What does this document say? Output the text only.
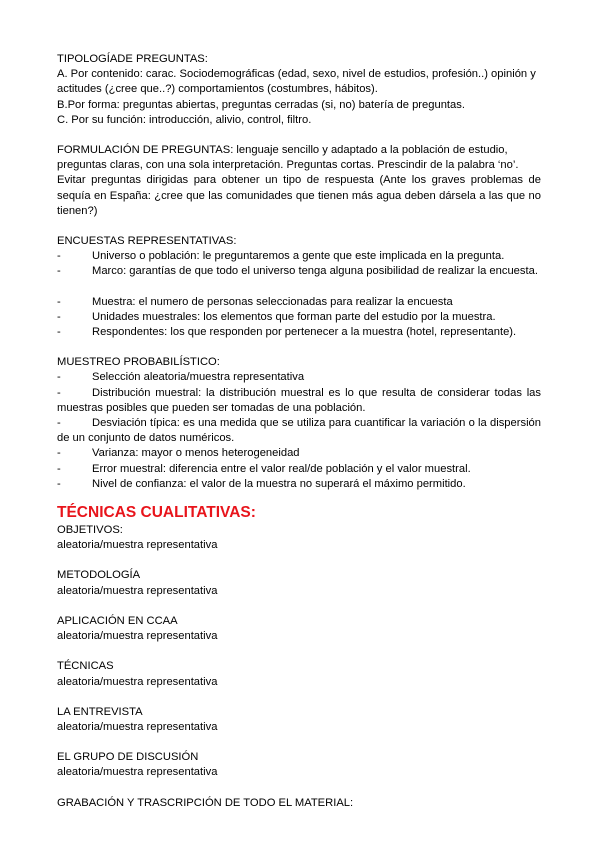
TIPOLOGÍADE PREGUNTAS:

A. Por contenido: carac. Sociodemográficas (edad, sexo, nivel de estudios, profesión..) opinión y actitudes (¿cree que..?) comportamientos (costumbres, hábitos).

B.Por forma: preguntas abiertas, preguntas cerradas (si, no) batería de preguntas.

C. Por su función: introducción, alivio, control, filtro.

FORMULACIÓN DE PREGUNTAS: lenguaje sencillo y adaptado a la población de estudio, preguntas claras, con una sola interpretación. Preguntas cortas. Prescindir de la palabra ‘no’.

Evitar preguntas dirigidas para obtener un tipo de respuesta (Ante los graves problemas de sequía en España: ¿cree que las comunidades que tienen más agua deben dársela a las que no tienen?)

ENCUESTAS REPRESENTATIVAS:

-	Universo o población: le preguntaremos a gente que este implicada en la pregunta.
-	Marco: garantías de que todo el universo tenga alguna posibilidad de realizar la encuesta.
-	Muestra: el numero de personas seleccionadas para realizar la encuesta
-	Unidades muestrales: los elementos que forman parte del estudio por la muestra.
-	Respondentes: los que responden por pertenecer a la muestra (hotel, representante).

MUESTREO PROBABILÍSTICO:

-	Selección aleatoria/muestra representativa

-	Distribución muestral: la distribución muestral es lo que resulta de considerar todas las muestras posibles que pueden ser tomadas de una población.

-	Desviación típica: es una medida que se utiliza para cuantificar la variación o la dispersión de un conjunto de datos numéricos.

-	Varianza: mayor o menos heterogeneidad
-	Error muestral: diferencia entre el valor real/de población y el valor muestral.
-	Nivel de confianza: el valor de la muestra no superará el máximo permitido.

TÉCNICAS CUALITATIVAS:

OBJETIVOS:

aleatoria/muestra representativa

METODOLOGÍA

aleatoria/muestra representativa

APLICACIÓN EN CCAA

aleatoria/muestra representativa

TÉCNICAS

aleatoria/muestra representativa

LA ENTREVISTA

aleatoria/muestra representativa

EL GRUPO DE DISCUSIÓN

aleatoria/muestra representativa

GRABACIÓN Y TRASCRIPCIÓN DE TODO EL MATERIAL:
